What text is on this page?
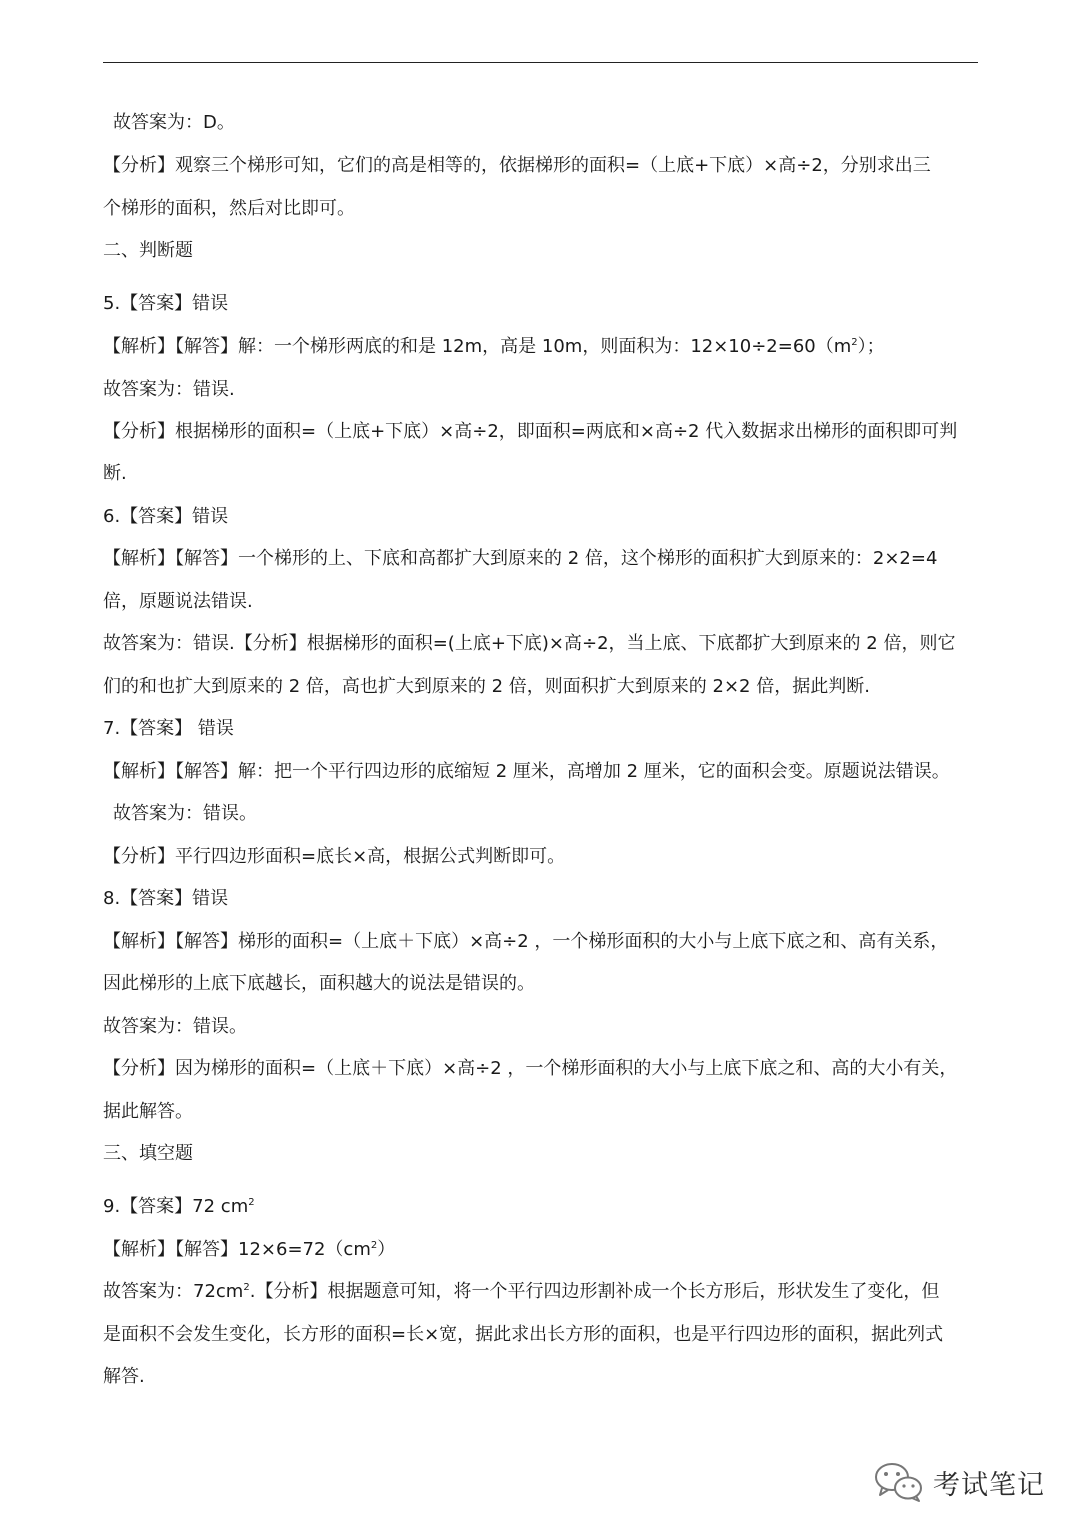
故答案为：D。
【分析】观察三个梯形可知，它们的高是相等的，依据梯形的面积=（上底+下底）×高÷2，分别求出三
个梯形的面积，然后对比即可。
二、判断题
5.【答案】错误
【解析】【解答】解：一个梯形两底的和是 12m，高是 10m，则面积为：$12\times 10\div 2=60(m^2)$；
故答案为：错误.
【分析】根据梯形的面积=（上底+下底）×高÷2，即面积=两底和×高÷2 代入数据求出梯形的面积即可判
断.
6.【答案】错误
【解析】【解答】一个梯形的上、下底和高都扩大到原来的 2 倍，这个梯形的面积扩大到原来的：2×2=4
倍，原题说法错误.
故答案为：错误.【分析】根据梯形的面积=(上底+下底)×高÷2，当上底、下底都扩大到原来的 2 倍，则它
们的和也扩大到原来的 2 倍，高也扩大到原来的 2 倍，则面积扩大到原来的 2×2 倍，据此判断.
7.【答案】 错误
【解析】【解答】解：把一个平行四边形的底缩短 2 厘米，高增加 2 厘米，它的面积会变。原题说法错误。
故答案为：错误。
【分析】平行四边形面积=底长×高，根据公式判断即可。
8.【答案】错误
【解析】【解答】梯形的面积=（上底＋下底）×高÷2 ，一个梯形面积的大小与上底下底之和、高有关系，
因此梯形的上底下底越长，面积越大的说法是错误的。
故答案为：错误。
【分析】因为梯形的面积=（上底＋下底）×高÷2 ，一个梯形面积的大小与上底下底之和、高的大小有关，
据此解答。
三、填空题
9.【答案】72 $cm^2$
【解析】【解答】$12\times 6=72(cm^2)$
故答案为：$72cm^2$.【分析】根据题意可知，将一个平行四边形割补成一个长方形后，形状发生了变化，但
是面积不会发生变化，长方形的面积=长×宽，据此求出长方形的面积，也是平行四边形的面积，据此列式
解答.
考试笔记
